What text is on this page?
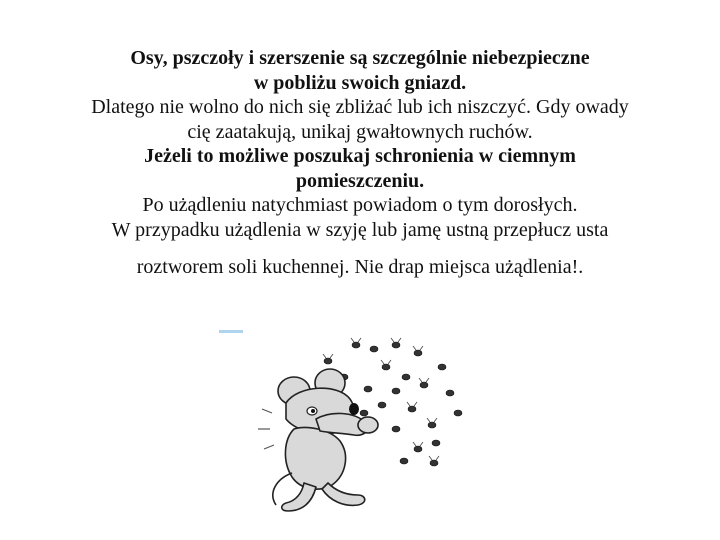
Osy, pszczoły i szerszenie są szczególnie niebezpieczne
w pobliżu swoich gniazd.
Dlatego nie wolno do nich się zbliżać lub ich niszczyć. Gdy owady
cię zaatakują, unikaj gwałtownych ruchów.
Jeżeli to możliwe poszukaj schronienia w ciemnym
pomieszczeniu.
Po użądleniu natychmiast powiadom o tym dorosłych.
W przypadku użądlenia w szyję lub jamę ustną przepłucz usta
roztworem soli kuchennej. Nie drap miejsca użądlenia!.
